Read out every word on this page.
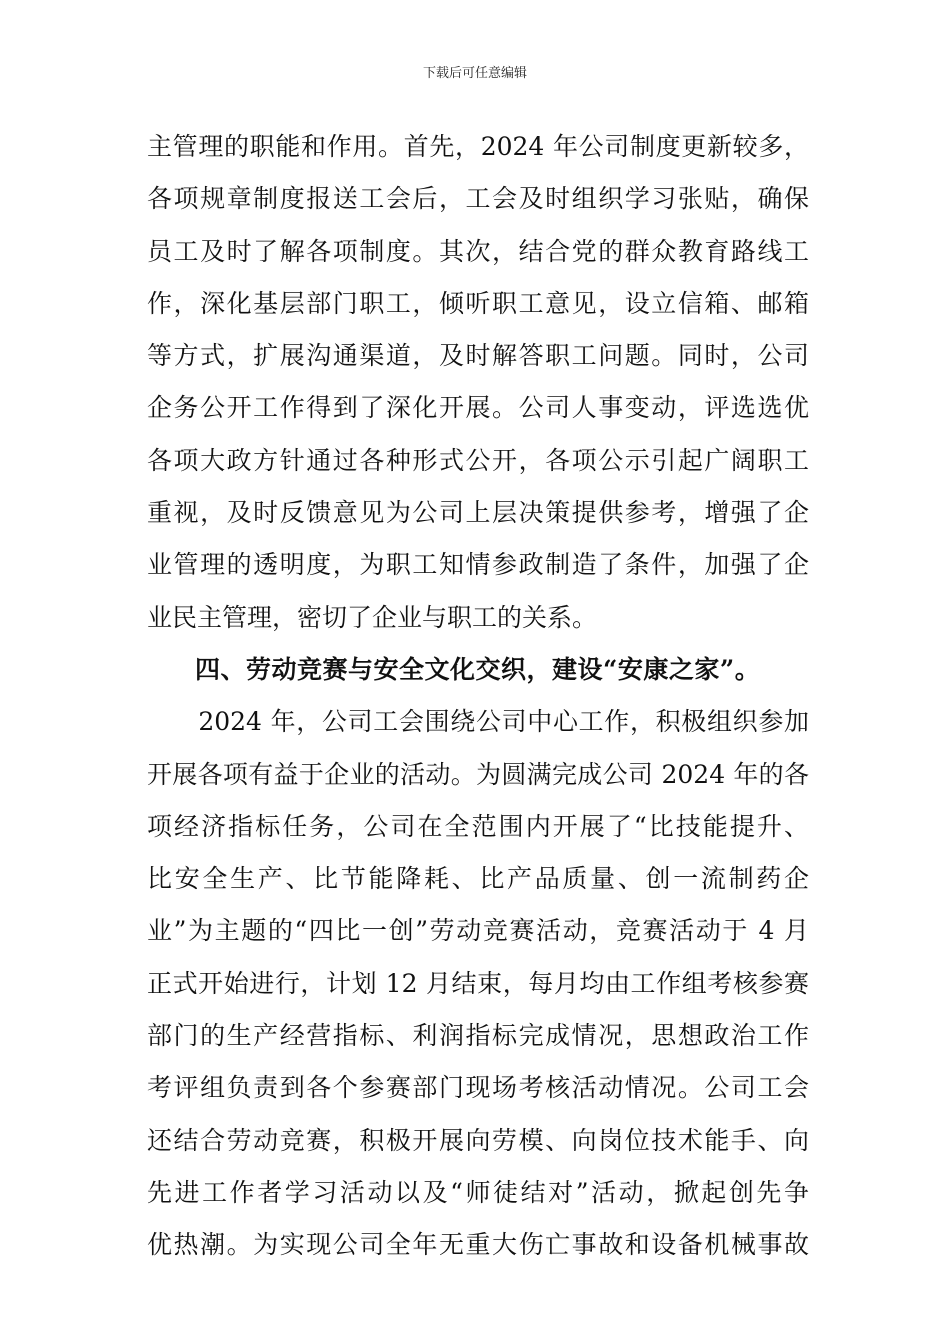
下载后可任意编辑
主管理的职能和作用。首先，2024 年公司制度更新较多，
各项规章制度报送工会后，工会及时组织学习张贴，确保
员工及时了解各项制度。其次，结合党的群众教育路线工
作，深化基层部门职工，倾听职工意见，设立信箱、邮箱
等方式，扩展沟通渠道，及时解答职工问题。同时，公司
企务公开工作得到了深化开展。公司人事变动，评选选优
各项大政方针通过各种形式公开，各项公示引起广阔职工
重视，及时反馈意见为公司上层决策提供参考，增强了企
业管理的透明度，为职工知情参政制造了条件，加强了企
业民主管理，密切了企业与职工的关系。
四、劳动竞赛与安全文化交织，建设“安康之家”。
　　2024 年，公司工会围绕公司中心工作，积极组织参加
开展各项有益于企业的活动。为圆满完成公司 2024 年的各
项经济指标任务，公司在全范围内开展了“比技能提升、
比安全生产、比节能降耗、比产品质量、创一流制药企
业”为主题的“四比一创”劳动竞赛活动，竞赛活动于 4 月
正式开始进行，计划 12 月结束，每月均由工作组考核参赛
部门的生产经营指标、利润指标完成情况，思想政治工作
考评组负责到各个参赛部门现场考核活动情况。公司工会
还结合劳动竞赛，积极开展向劳模、向岗位技术能手、向
先进工作者学习活动以及“师徒结对”活动，掀起创先争
优热潮。为实现公司全年无重大伤亡事故和设备机械事故
